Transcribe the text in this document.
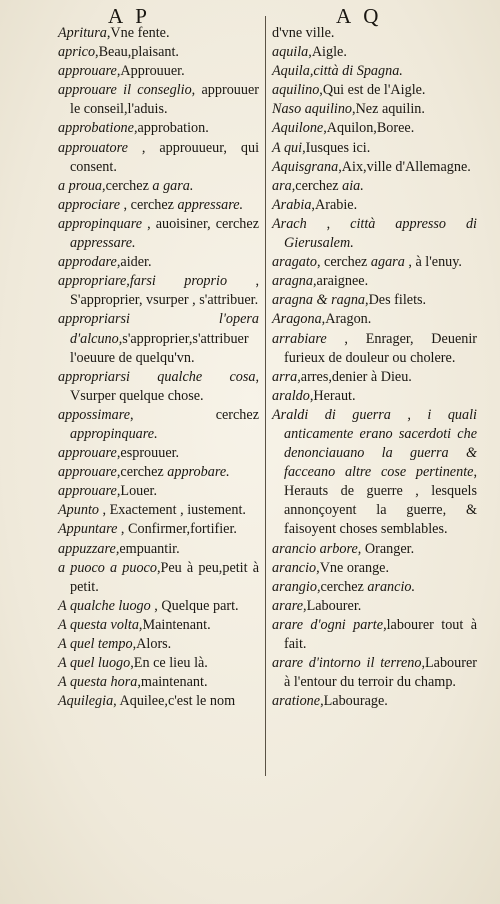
A P	A Q

Apritura,Vne fente.

aprico,Beau,plaisant.

approuare,Approuuer.

approuare il conseglio, approuuer le conseil,l'aduis.

approbatione,approbation.

approuatore , approuueur, qui consent.

a proua,cerchez a gara.

approciare , cerchez appressare.

appropinquare , auoisiner, cerchez appressare.

approdare,aider.

appropriare,farsi proprio , S'approprier, vsurper , s'attribuer.

appropriarsi l'opera d'alcuno,s'approprier,s'attribuer l'oeuure de quelqu'vn.

appropriarsi qualche cosa, Vsurper quelque chose.

appossimare, cerchez appropinquare.

approuare,esprouuer.

approuare,cerchez approbare.

approuare,Louer.

Apunto , Exactement , iustement.

Appuntare , Confirmer,fortifier.

appuzzare,empuantir.

a puoco a puoco,Peu à peu,petit à petit.

A qualche luogo , Quelque part.

A questa volta,Maintenant.

A quel tempo,Alors.

A quel luogo,En ce lieu là.

A questa hora,maintenant.

Aquilegia, Aquilee,c'est le nom

d'vne ville.

aquila,Aigle.

Aquila,città di Spagna.

aquilino,Qui est de l'Aigle.

Naso aquilino,Nez aquilin.

Aquilone,Aquilon,Boree.

A qui,Iusques ici.

Aquisgrana,Aix,ville d'Allemagne.

ara,cerchez aia.

Arabia,Arabie.

Arach , città appresso di Gierusalem.

aragato, cerchez agara , à l'enuy.

aragna,araignee.

aragna & ragna,Des filets.

Aragona,Aragon.

arrabiare , Enrager, Deuenir furieux de douleur ou cholere.

arra,arres,denier à Dieu.

araldo,Heraut.

Araldi di guerra , i quali anticamente erano sacerdoti che denonciauano la guerra & facceano altre cose pertinente, Herauts de guerre , lesquels annonçoyent la guerre, & faisoyent choses semblables.

arancio arbore, Oranger.

arancio,Vne orange.

arangio,cerchez arancio.

arare,Labourer.

arare d'ogni parte,labourer tout à fait.

arare d'intorno il terreno,Labourer à l'entour du terroir du champ.

aratione,Labourage.
